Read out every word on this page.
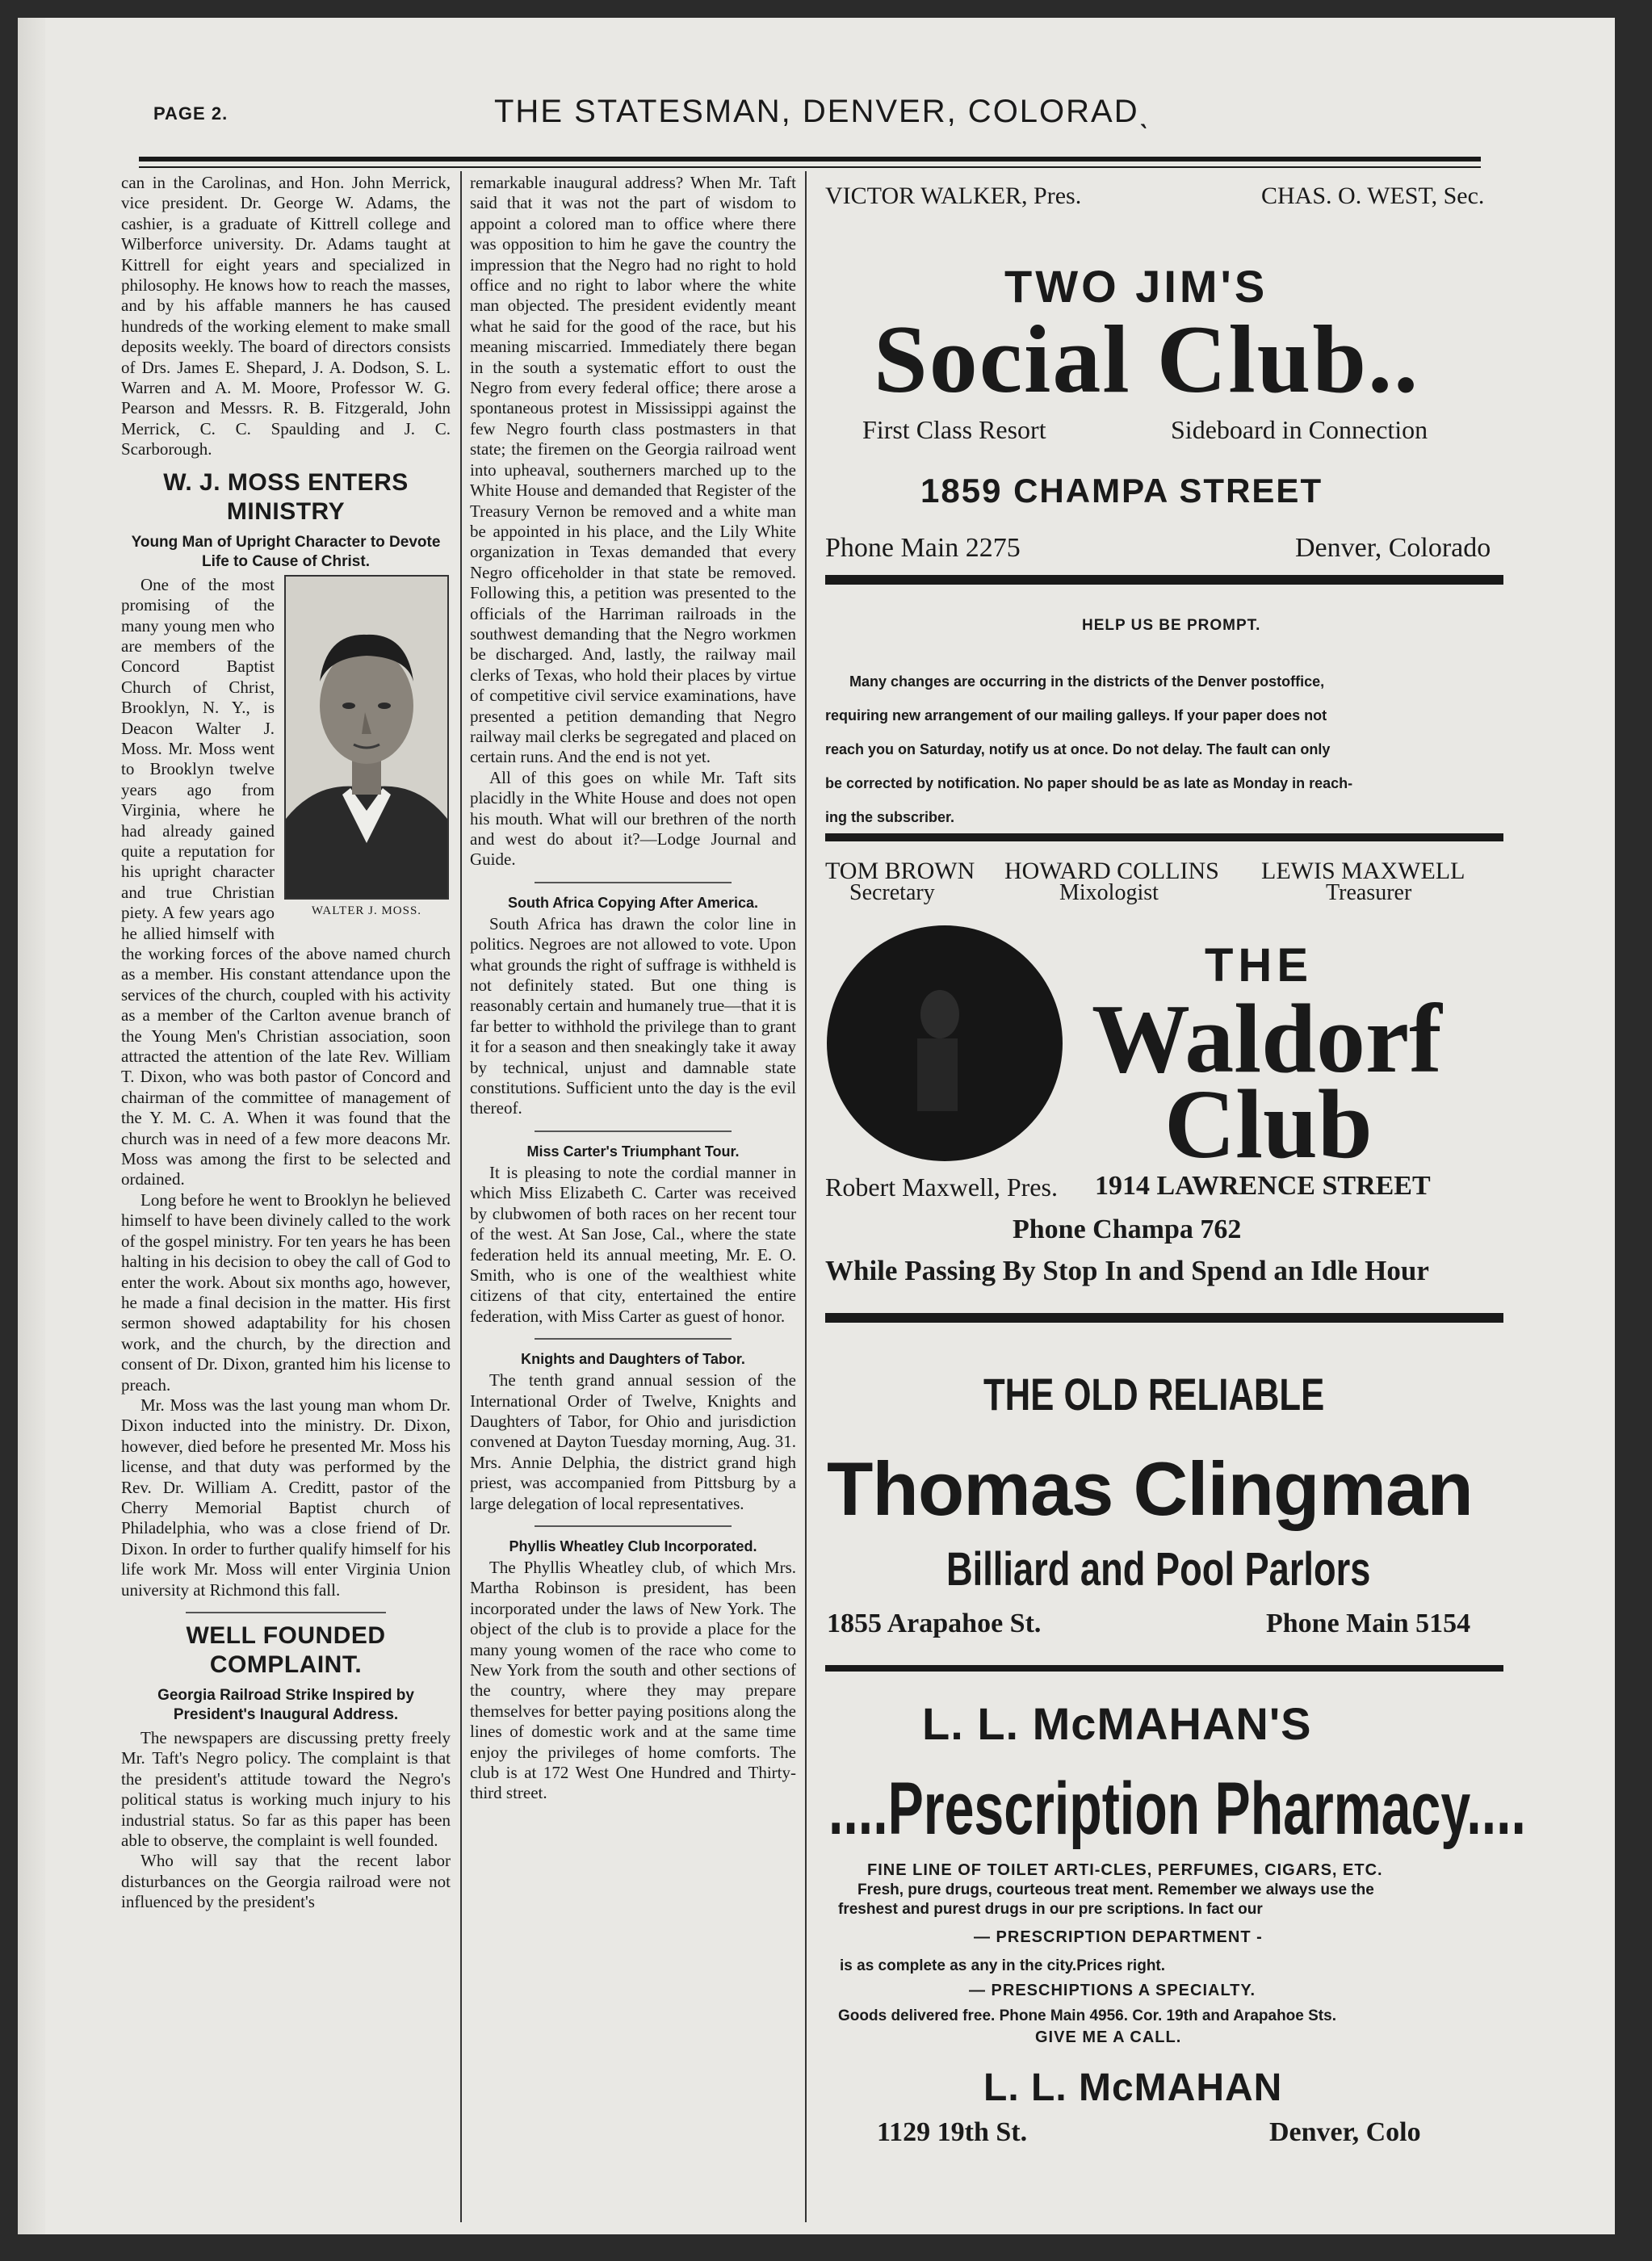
PAGE 2.	THE STATESMAN, DENVER, COLORADˎ

can in the Carolinas, and Hon. John Merrick, vice president. Dr. George W. Adams, the cashier, is a graduate of Kittrell college and Wilberforce university. Dr. Adams taught at Kittrell for eight years and specialized in philosophy. He knows how to reach the masses, and by his affable manners he has caused hundreds of the working element to make small deposits weekly. The board of directors consists of Drs. James E. Shepard, J. A. Dodson, S. L. Warren and A. M. Moore, Professor W. G. Pearson and Messrs. R. B. Fitzgerald, John Merrick, C. C. Spaulding and J. C. Scarborough.

W. J. MOSS ENTERS MINISTRY
Young Man of Upright Character to Devote Life to Cause of Christ.
WALTER J. MOSS.

One of the most promising of the many young men who are members of the Concord Baptist Church of Christ, Brooklyn, N. Y., is Deacon Walter J. Moss. Mr. Moss went to Brooklyn twelve years ago from Virginia, where he had already gained quite a reputation for his upright character and true Christian piety. A few years ago he allied himself with the working forces of the above named church as a member. His constant attendance upon the services of the church, coupled with his activity as a member of the Carlton avenue branch of the Young Men's Christian association, soon attracted the attention of the late Rev. William T. Dixon, who was both pastor of Concord and chairman of the committee of management of the Y. M. C. A. When it was found that the church was in need of a few more deacons Mr. Moss was among the first to be selected and ordained.

Long before he went to Brooklyn he believed himself to have been divinely called to the work of the gospel ministry. For ten years he has been halting in his decision to obey the call of God to enter the work. About six months ago, however, he made a final decision in the matter. His first sermon showed adaptability for his chosen work, and the church, by the direction and consent of Dr. Dixon, granted him his license to preach.

Mr. Moss was the last young man whom Dr. Dixon inducted into the ministry. Dr. Dixon, however, died before he presented Mr. Moss his license, and that duty was performed by the Rev. Dr. William A. Creditt, pastor of the Cherry Memorial Baptist church of Philadelphia, who was a close friend of Dr. Dixon. In order to further qualify himself for his life work Mr. Moss will enter Virginia Union university at Richmond this fall.

WELL FOUNDED COMPLAINT.
Georgia Railroad Strike Inspired by President's Inaugural Address.

The newspapers are discussing pretty freely Mr. Taft's Negro policy. The complaint is that the president's attitude toward the Negro's political status is working much injury to his industrial status. So far as this paper has been able to observe, the complaint is well founded.

Who will say that the recent labor disturbances on the Georgia railroad were not influenced by the president's

remarkable inaugural address? When Mr. Taft said that it was not the part of wisdom to appoint a colored man to office where there was opposition to him he gave the country the impression that the Negro had no right to hold office and no right to labor where the white man objected. The president evidently meant what he said for the good of the race, but his meaning miscarried. Immediately there began in the south a systematic effort to oust the Negro from every federal office; there arose a spontaneous protest in Mississippi against the few Negro fourth class postmasters in that state; the firemen on the Georgia railroad went into upheaval, southerners marched up to the White House and demanded that Register of the Treasury Vernon be removed and a white man be appointed in his place, and the Lily White organization in Texas demanded that every Negro officeholder in that state be removed. Following this, a petition was presented to the officials of the Harriman railroads in the southwest demanding that the Negro workmen be discharged. And, lastly, the railway mail clerks of Texas, who hold their places by virtue of competitive civil service examinations, have presented a petition demanding that Negro railway mail clerks be segregated and placed on certain runs. And the end is not yet.

All of this goes on while Mr. Taft sits placidly in the White House and does not open his mouth. What will our brethren of the north and west do about it?—Lodge Journal and Guide.

South Africa Copying After America.

South Africa has drawn the color line in politics. Negroes are not allowed to vote. Upon what grounds the right of suffrage is withheld is not definitely stated. But one thing is reasonably certain and humanely true—that it is far better to withhold the privilege than to grant it for a season and then sneakingly take it away by technical, unjust and damnable state constitutions. Sufficient unto the day is the evil thereof.

Miss Carter's Triumphant Tour.

It is pleasing to note the cordial manner in which Miss Elizabeth C. Carter was received by clubwomen of both races on her recent tour of the west. At San Jose, Cal., where the state federation held its annual meeting, Mr. E. O. Smith, who is one of the wealthiest white citizens of that city, entertained the entire federation, with Miss Carter as guest of honor.

Knights and Daughters of Tabor.

The tenth grand annual session of the International Order of Twelve, Knights and Daughters of Tabor, for Ohio and jurisdiction convened at Dayton Tuesday morning, Aug. 31. Mrs. Annie Delphia, the district grand high priest, was accompanied from Pittsburg by a large delegation of local representatives.

Phyllis Wheatley Club Incorporated.

The Phyllis Wheatley club, of which Mrs. Martha Robinson is president, has been incorporated under the laws of New York. The object of the club is to provide a place for the many young women of the race who come to New York from the south and other sections of the country, where they may prepare themselves for better paying positions along the lines of domestic work and at the same time enjoy the privileges of home comforts. The club is at 172 West One Hundred and Thirty-third street.

VICTOR WALKER, Pres.	CHAS. O. WEST, Sec.
TWO JIM'S
Social Club..
First Class Resort	Sideboard in Connection
1859 CHAMPA STREET
Phone Main 2275	Denver, Colorado
HELP US BE PROMPT.
Many changes are occurring in the districts of the Denver postoffice,
requiring new arrangement of our mailing galleys. If your paper does not
reach you on Saturday, notify us at once. Do not delay. The fault can only
be corrected by notification. No paper should be as late as Monday in reach-
ing the subscriber.
TOM BROWN
Secretary
HOWARD COLLINS
Mixologist
LEWIS MAXWELL
Treasurer
THE
Waldorf
Club
Robert Maxwell, Pres. 1914 LAWRENCE STREET
Phone Champa 762
While Passing By Stop In and Spend an Idle Hour
THE OLD RELIABLE
Thomas Clingman
Billiard and Pool Parlors
1855 Arapahoe St.	Phone Main 5154
L. L. McMAHAN'S
....Prescription Pharmacy....
FINE LINE OF TOILET ARTI-CLES, PERFUMES, CIGARS, ETC.
Fresh, pure drugs, courteous treat ment. Remember we always use the
freshest and purest drugs in our pre scriptions. In fact our
— PRESCRIPTION DEPARTMENT -
is as complete as any in the city.Prices right.
— PRESCHIPTIONS A SPECIALTY.
Goods delivered free. Phone Main 4956. Cor. 19th and Arapahoe Sts.
GIVE ME A CALL.
L. L. McMAHAN
1129 19th St.	Denver, Colo
